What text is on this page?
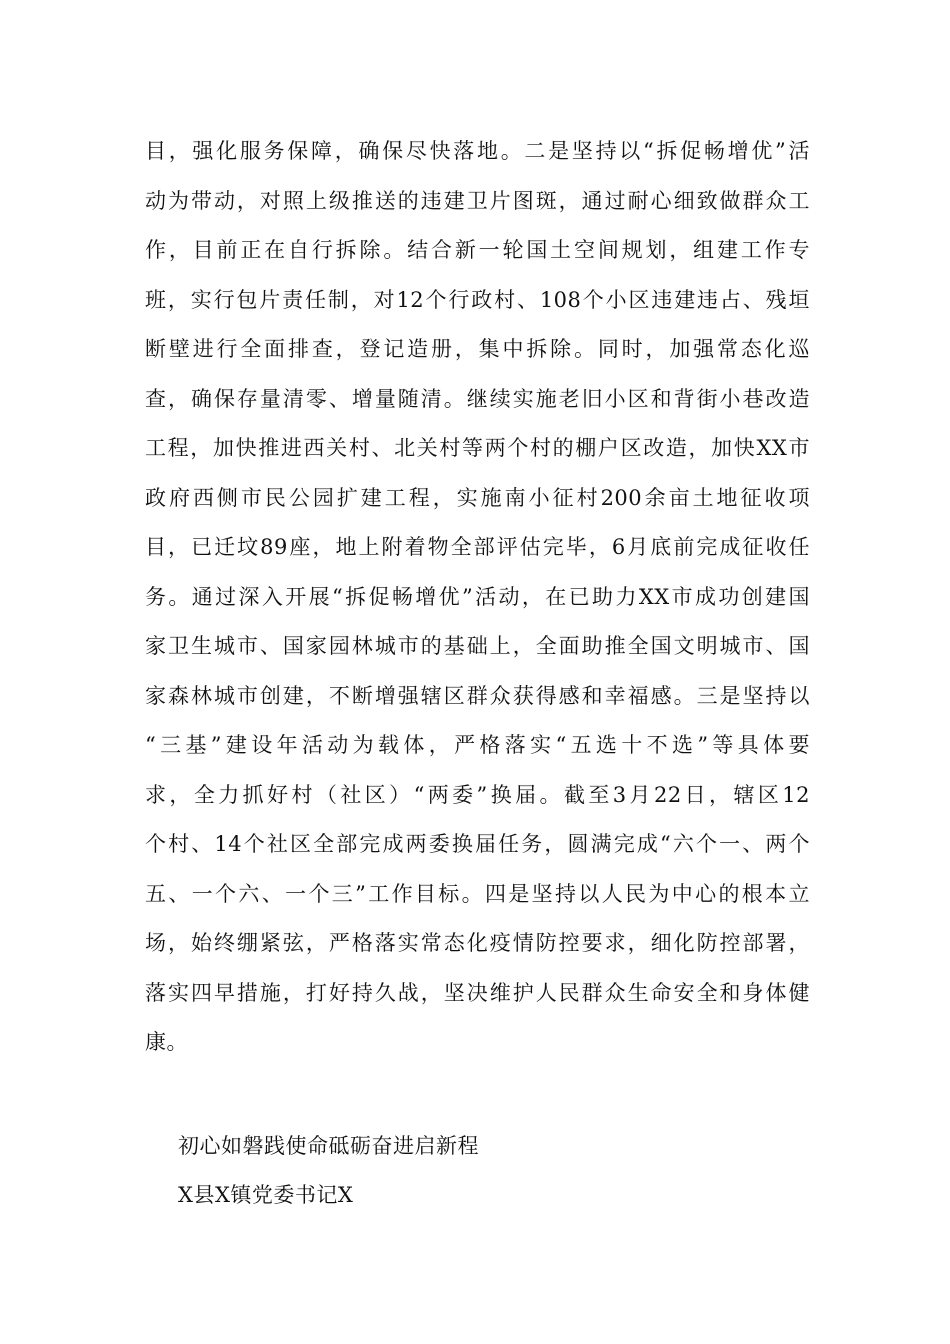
目，强化服务保障，确保尽快落地。二是坚持以“拆促畅增优”活
动为带动，对照上级推送的违建卫片图斑，通过耐心细致做群众工
作，目前正在自行拆除。结合新一轮国土空间规划，组建工作专
班，实行包片责任制，对12个行政村、108个小区违建违占、残垣
断壁进行全面排查，登记造册，集中拆除。同时，加强常态化巡
查，确保存量清零、增量随清。继续实施老旧小区和背街小巷改造
工程，加快推进西关村、北关村等两个村的棚户区改造，加快XX市
政府西侧市民公园扩建工程，实施南小征村200余亩土地征收项
目，已迁坟89座，地上附着物全部评估完毕，6月底前完成征收任
务。通过深入开展“拆促畅增优”活动，在已助力XX市成功创建国
家卫生城市、国家园林城市的基础上，全面助推全国文明城市、国
家森林城市创建，不断增强辖区群众获得感和幸福感。三是坚持以
“三基”建设年活动为载体，严格落实“五选十不选”等具体要
求，全力抓好村（社区）“两委”换届。截至3月22日，辖区12
个村、14个社区全部完成两委换届任务，圆满完成“六个一、两个
五、一个六、一个三”工作目标。四是坚持以人民为中心的根本立
场，始终绷紧弦，严格落实常态化疫情防控要求，细化防控部署，
落实四早措施，打好持久战，坚决维护人民群众生命安全和身体健
康。
初心如磐践使命砥砺奋进启新程
X县X镇党委书记X
